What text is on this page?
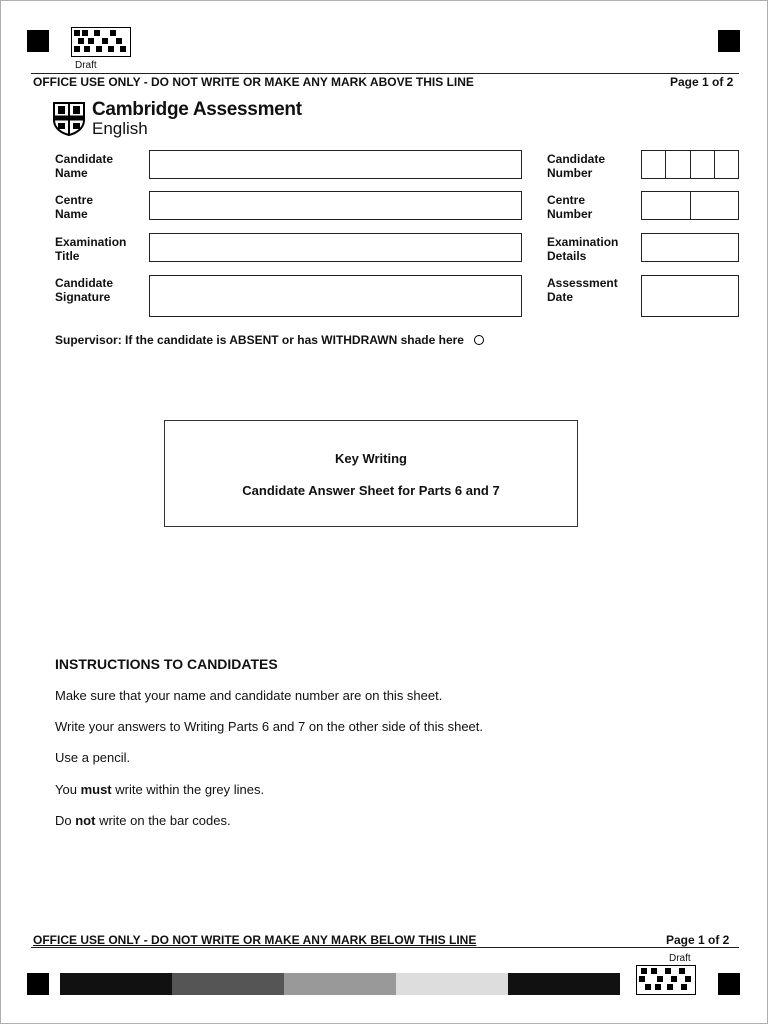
Draft
OFFICE USE ONLY - DO NOT WRITE OR MAKE ANY MARK ABOVE THIS LINE	Page 1 of 2
Cambridge Assessment
English
Candidate
Name
Centre
Name
Examination
Title
Candidate
Signature
Candidate
Number
Centre
Number
Examination
Details
Assessment
Date
Supervisor: If the candidate is ABSENT or has WITHDRAWN shade here
Key Writing
Candidate Answer Sheet for Parts 6 and 7
INSTRUCTIONS TO CANDIDATES
Make sure that your name and candidate number are on this sheet.
Write your answers to Writing Parts 6 and 7 on the other side of this sheet.
Use a pencil.
You must write within the grey lines.
Do not write on the bar codes.
OFFICE USE ONLY - DO NOT WRITE OR MAKE ANY MARK BELOW THIS LINE	Page 1 of 2
Draft
